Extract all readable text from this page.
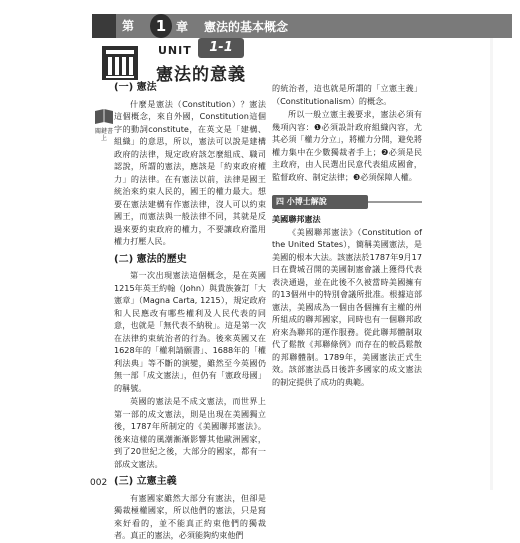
第	1 章 憲法的基本概念
UNIT	1-1
憲法的意義
關鍵書上
(一) 憲法

什麼是憲法（Constitution）？憲法這個概念，來自外國，Constitution這個字的動詞constitute，在英文是「建構、組織」的意思，所以，憲法可以說是建構政府的法律，規定政府該怎麼組成、職司認說，所謂的憲法，應該是「約束政府權力」的法律。在有憲法以前，法律是國王統治來約束人民的，國王的權力最大。想要在憲法建構有作憲法律，沒人可以約束國王，而憲法與一般法律不同，其就是反過來要約束政府的權力，不要讓政府濫用權力打壓人民。

(二) 憲法的歷史

第一次出現憲法這個概念，是在英國1215年英王約翰（John）與貴族簽訂「大憲章」（Magna Carta, 1215），規定政府和人民應改有哪些權利及人民代表的同意，也就是「無代表不納稅」。這是第一次在法律約束統治者的行為。後來英國又在1628年的「權利請願書」、1688年的「權利法典」等不斷的演變，雖然至今英國仍無一部「成文憲法」，但仍有「憲政母國」的稱號。

英國的憲法是不成文憲法，而世界上第一部的成文憲法，則是出現在美國獨立後，1787年所制定的《美國聯邦憲法》。後來這樣的風潮漸漸影響其他歐洲國家，到了20世紀之後，大部分的國家，都有一部成文憲法。

(三) 立憲主義

有憲國家雖然大部分有憲法，但卻是獨裁極權國家，所以他們的憲法，只是寫來好看的，並不能真正約束他們的獨裁者。真正的憲法，必須能夠約束他們

的統治者，這也就是所謂的「立憲主義」（Constitutionalism）的概念。

所以一般立憲主義要求，憲法必須有幾項內容：❶必須設計政府組織內容，尤其必須「權力分立」，將權力分開，避免將權力集中在少數獨裁者手上；❷必須是民主政府，由人民選出民意代表組成國會，監督政府、制定法律；❸必須保障人權。

四 小博士解說
美國聯邦憲法

《美國聯邦憲法》（Constitution of the United States），簡稱美國憲法，是美國的根本大法。該憲法於1787年9月17日在費城召開的美國制憲會議上獲得代表表決通過，並在此後不久被當時美國擁有的13個州中的特別會議所批准。根據這部憲法，美國成為一個由各個擁有主權的州所組成的聯邦國家，同時也有一個聯邦政府來為聯邦的運作服務。從此聯邦體制取代了鬆散《邦聯條例》而存在的較爲鬆散的邦聯體制。1789年，美國憲法正式生效。該部憲法爲日後許多國家的成文憲法的制定提供了成功的典範。

002
